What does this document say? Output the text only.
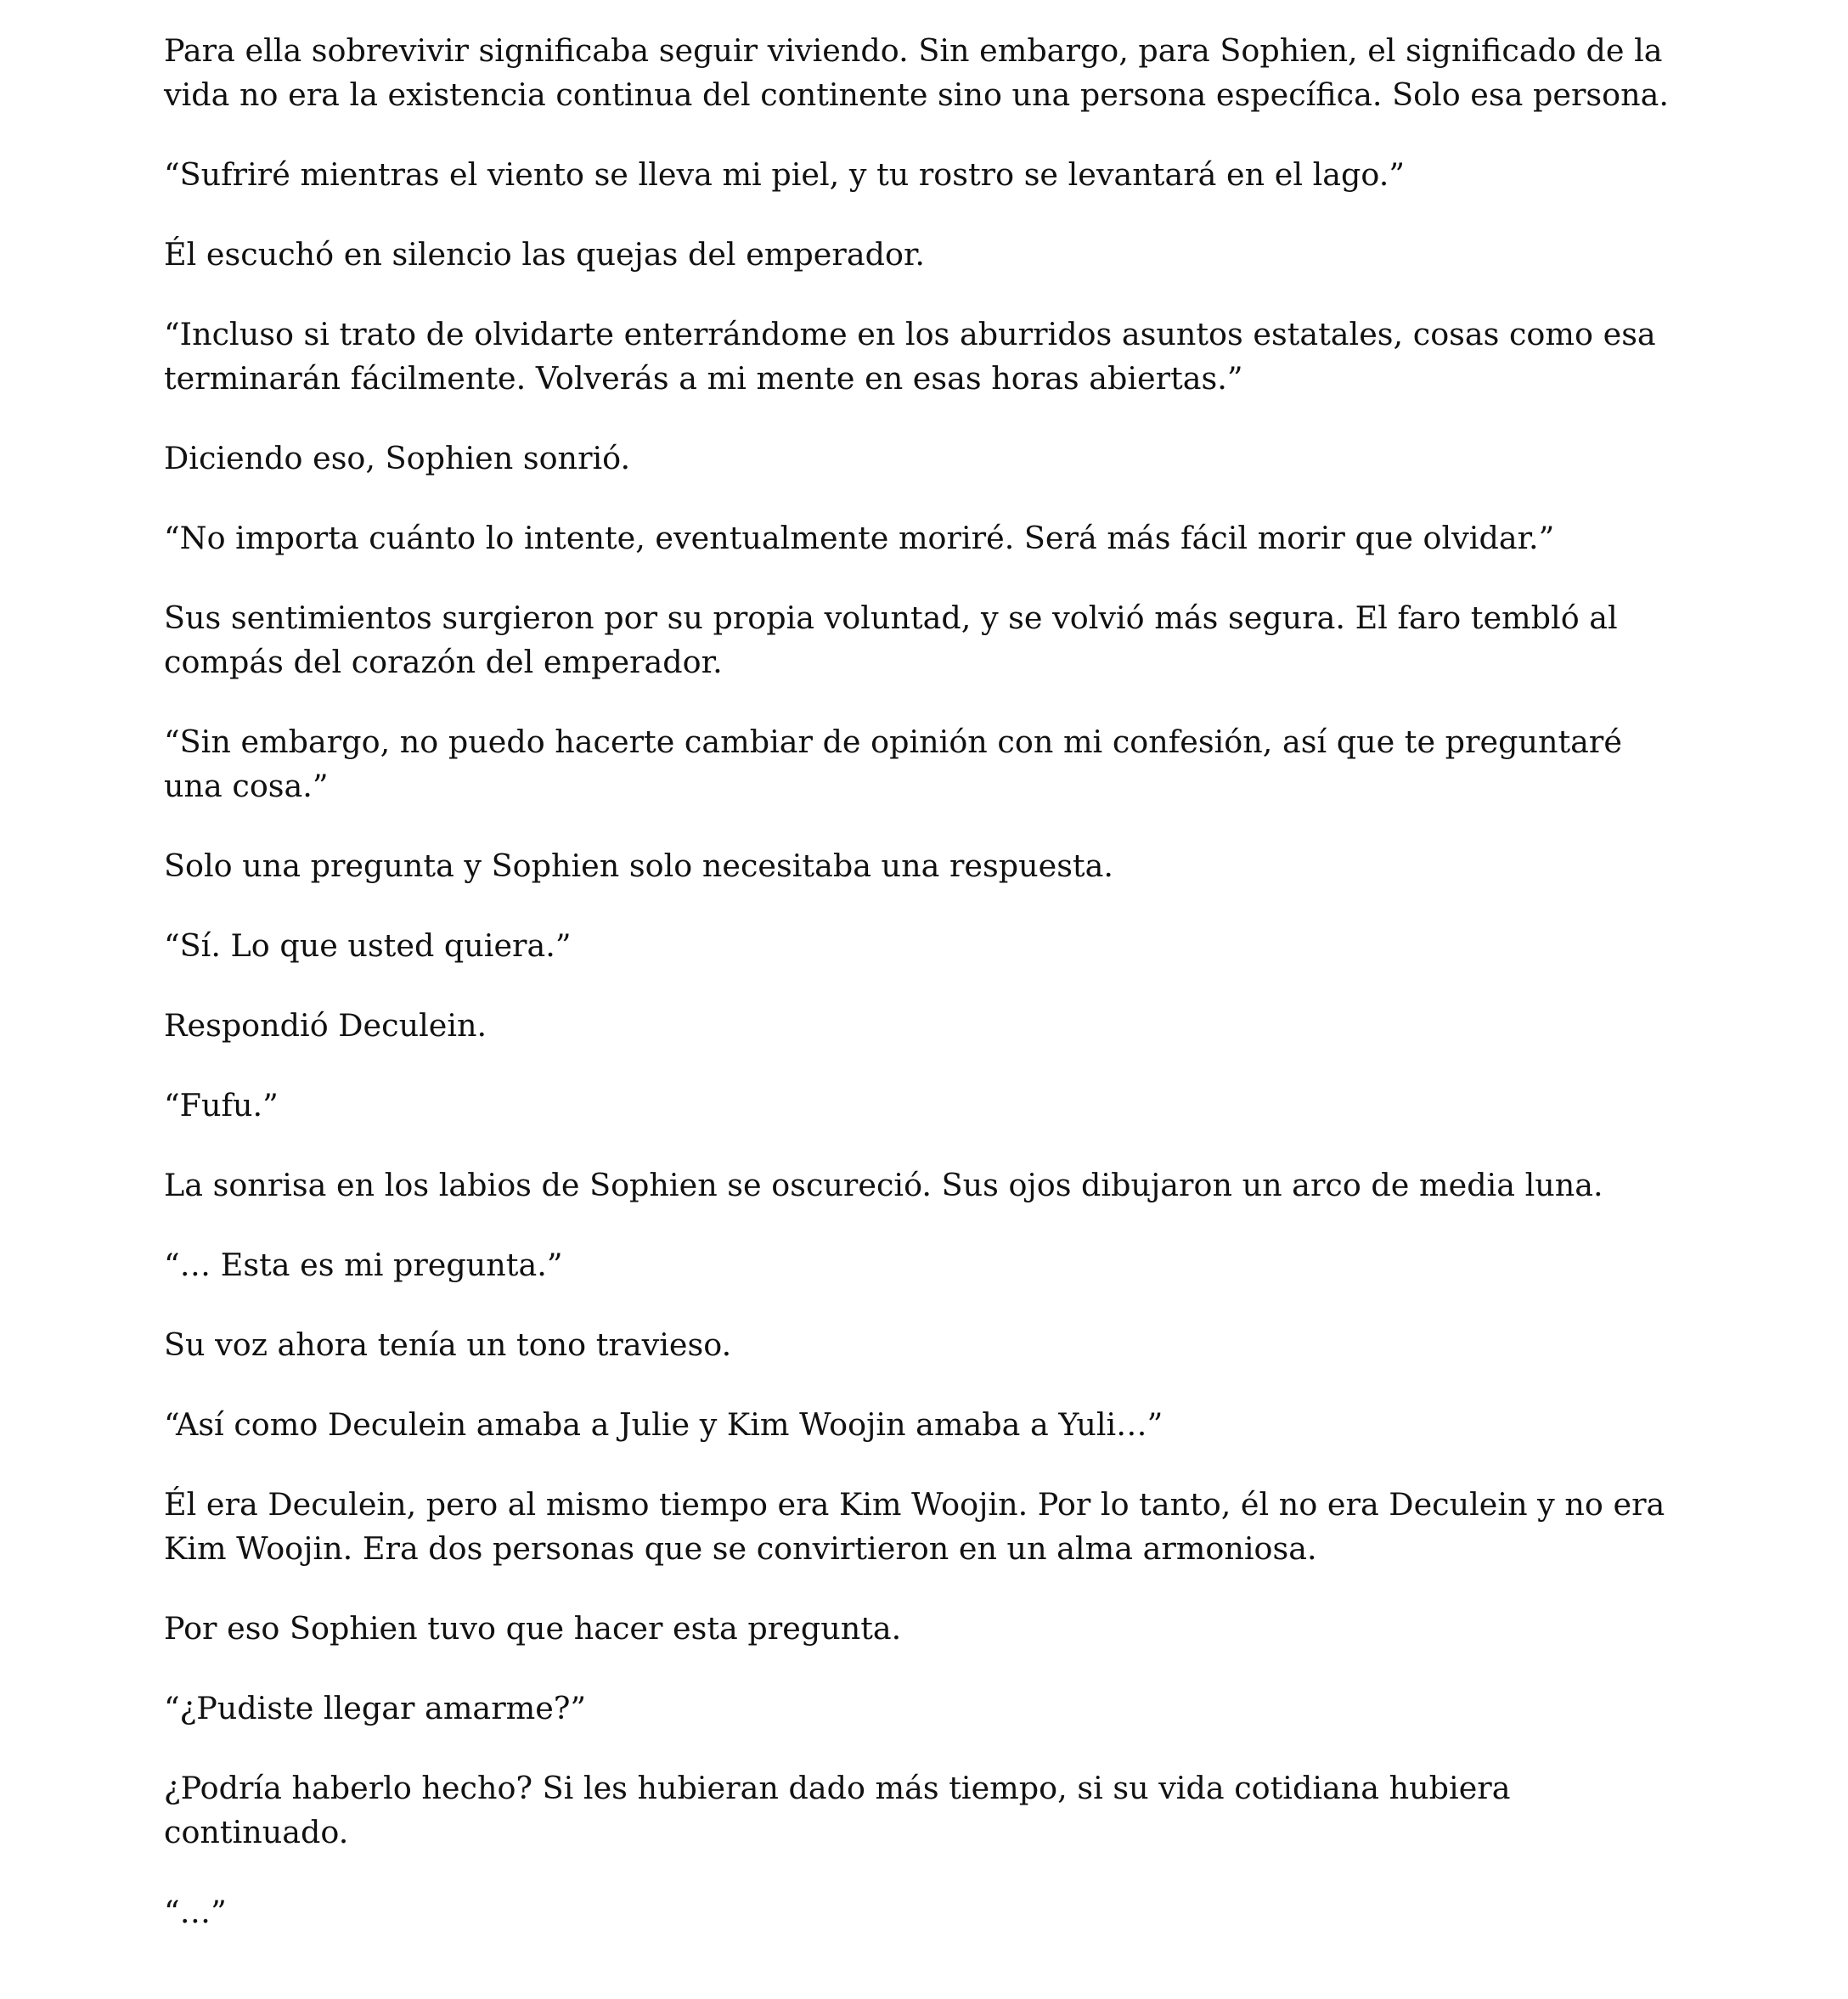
Para ella sobrevivir significaba seguir viviendo. Sin embargo, para Sophien, el significado de la vida no era la existencia continua del continente sino una persona específica. Solo esa persona.

“Sufriré mientras el viento se lleva mi piel, y tu rostro se levantará en el lago.”

Él escuchó en silencio las quejas del emperador.

“Incluso si trato de olvidarte enterrándome en los aburridos asuntos estatales, cosas como esa terminarán fácilmente. Volverás a mi mente en esas horas abiertas.”

Diciendo eso, Sophien sonrió.

“No importa cuánto lo intente, eventualmente moriré. Será más fácil morir que olvidar.”

Sus sentimientos surgieron por su propia voluntad, y se volvió más segura. El faro tembló al compás del corazón del emperador.

“Sin embargo, no puedo hacerte cambiar de opinión con mi confesión, así que te preguntaré una cosa.”

Solo una pregunta y Sophien solo necesitaba una respuesta.

“Sí. Lo que usted quiera.”

Respondió Deculein.

“Fufu.”

La sonrisa en los labios de Sophien se oscureció. Sus ojos dibujaron un arco de media luna.

“… Esta es mi pregunta.”

Su voz ahora tenía un tono travieso.

“Así como Deculein amaba a Julie y Kim Woojin amaba a Yuli…”

Él era Deculein, pero al mismo tiempo era Kim Woojin. Por lo tanto, él no era Deculein y no era Kim Woojin. Era dos personas que se convirtieron en un alma armoniosa.

Por eso Sophien tuvo que hacer esta pregunta.

“¿Pudiste llegar amarme?”

¿Podría haberlo hecho? Si les hubieran dado más tiempo, si su vida cotidiana hubiera continuado.

“…”
